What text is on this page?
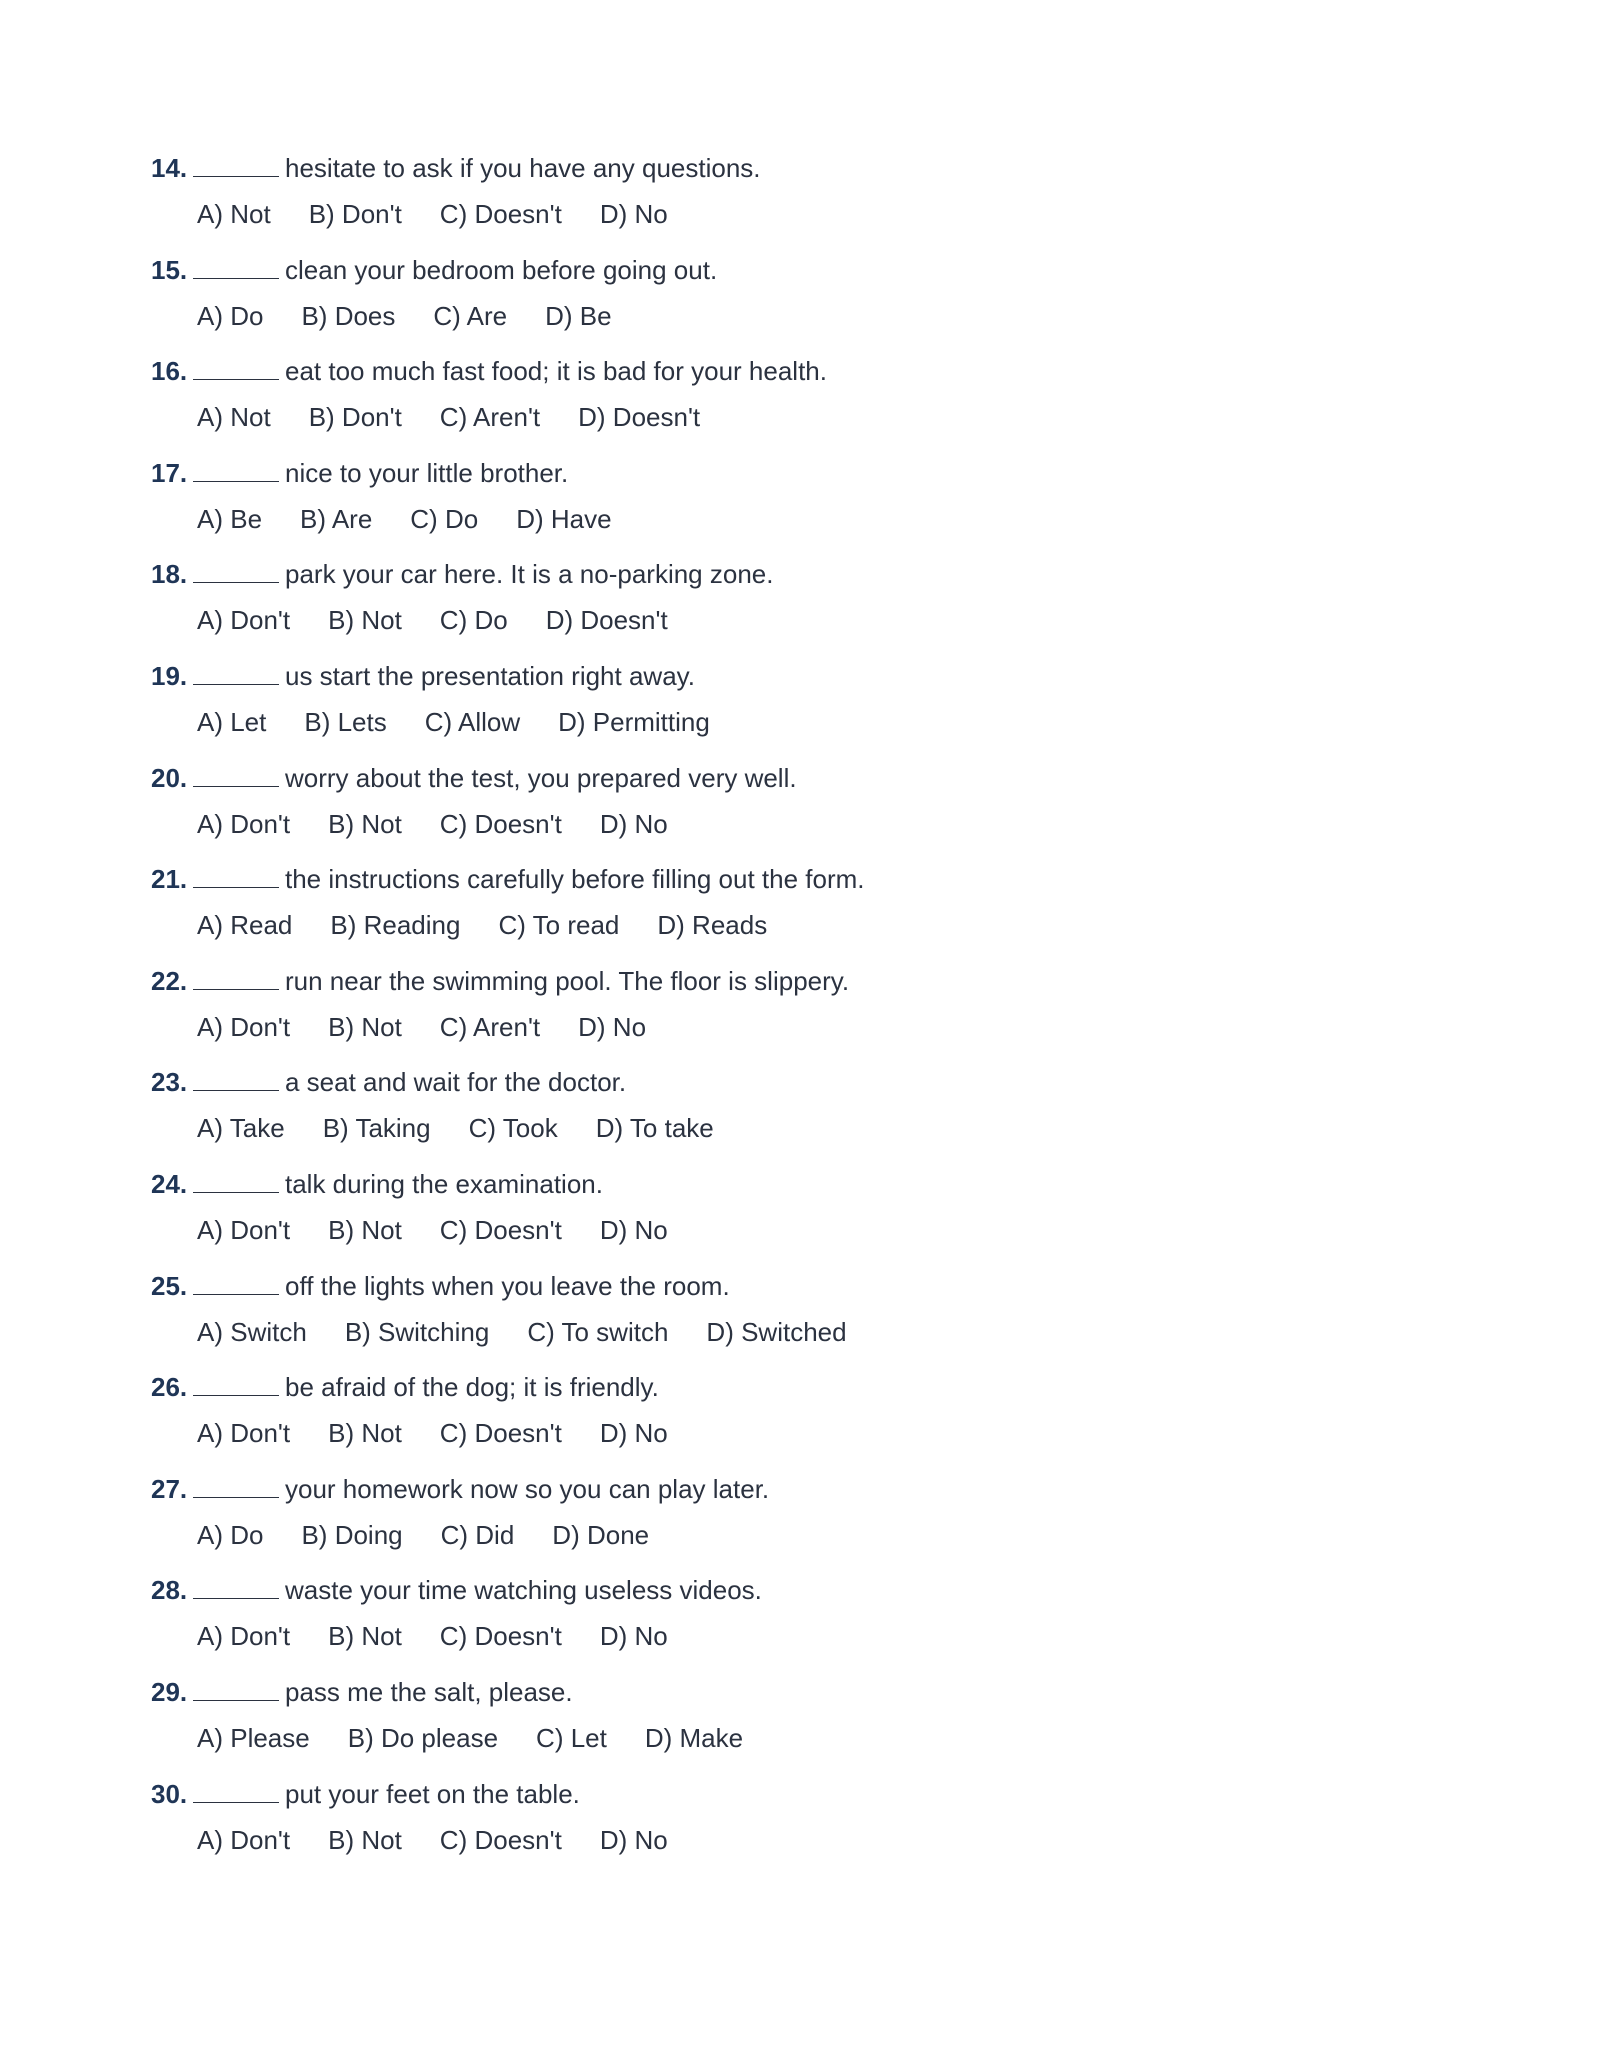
14.	hesitate to ask if you have any questions.
A) Not B) Don't C) Doesn't D) No
15.	clean your bedroom before going out.
A) Do B) Does C) Are D) Be
16.	eat too much fast food; it is bad for your health.
A) Not B) Don't C) Aren't D) Doesn't
17.	nice to your little brother.
A) Be B) Are C) Do D) Have
18.	park your car here. It is a no-parking zone.
A) Don't B) Not C) Do D) Doesn't
19.	us start the presentation right away.
A) Let B) Lets C) Allow D) Permitting
20.	worry about the test, you prepared very well.
A) Don't B) Not C) Doesn't D) No
21.	the instructions carefully before filling out the form.
A) Read B) Reading C) To read D) Reads
22.	run near the swimming pool. The floor is slippery.
A) Don't B) Not C) Aren't D) No
23.	a seat and wait for the doctor.
A) Take B) Taking C) Took D) To take
24.	talk during the examination.
A) Don't B) Not C) Doesn't D) No
25.	off the lights when you leave the room.
A) Switch B) Switching C) To switch D) Switched
26.	be afraid of the dog; it is friendly.
A) Don't B) Not C) Doesn't D) No
27.	your homework now so you can play later.
A) Do B) Doing C) Did D) Done
28.	waste your time watching useless videos.
A) Don't B) Not C) Doesn't D) No
29.	pass me the salt, please.
A) Please B) Do please C) Let D) Make
30.	put your feet on the table.
A) Don't B) Not C) Doesn't D) No
